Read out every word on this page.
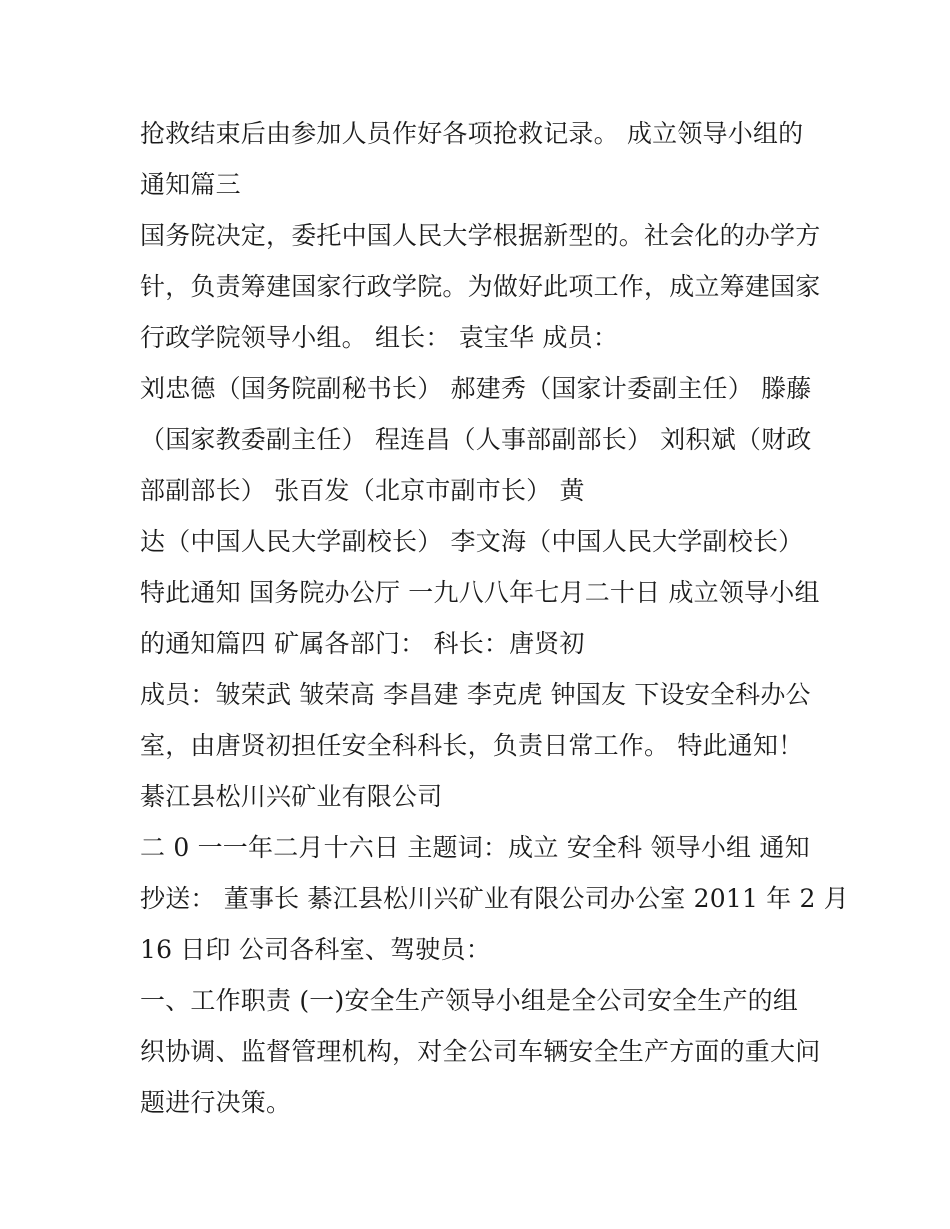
抢救结束后由参加人员作好各项抢救记录。 成立领导小组的
通知篇三
国务院决定，委托中国人民大学根据新型的。社会化的办学方
针，负责筹建国家行政学院。为做好此项工作，成立筹建国家
行政学院领导小组。 组长： 袁宝华 成员：
刘忠德（国务院副秘书长） 郝建秀（国家计委副主任） 滕藤
（国家教委副主任） 程连昌（人事部副部长） 刘积斌（财政
部副部长） 张百发（北京市副市长） 黄
达（中国人民大学副校长） 李文海（中国人民大学副校长）
特此通知 国务院办公厅 一九八八年七月二十日 成立领导小组
的通知篇四 矿属各部门： 科长：唐贤初
成员：皱荣武 皱荣高 李昌建 李克虎 钟国友 下设安全科办公
室，由唐贤初担任安全科科长，负责日常工作。 特此通知！
綦江县松川兴矿业有限公司
二 0 一一年二月十六日 主题词：成立 安全科 领导小组 通知
抄送： 董事长 綦江县松川兴矿业有限公司办公室 2011 年 2 月
16 日印 公司各科室、驾驶员：
一、工作职责 (一)安全生产领导小组是全公司安全生产的组
织协调、监督管理机构，对全公司车辆安全生产方面的重大问
题进行决策。
